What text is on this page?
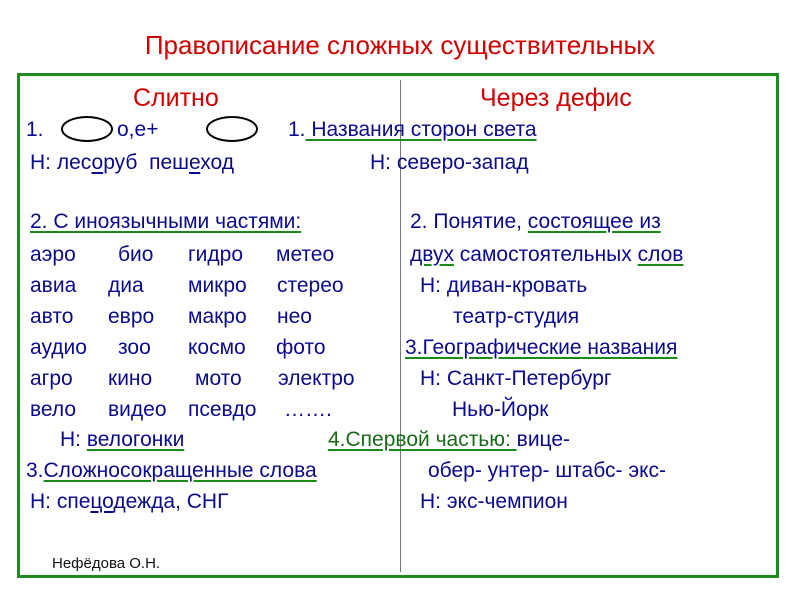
Правописание сложных существительных
Слитно
1.	о,е+
Н: лесоруб пешеход
2. С иноязычными частями:
аэро био гидро метео
авиа диа микро стерео
авто евро макро нео
аудио зоо космо фото
агро кино мото электро
вело видео псевдо …….
Н: велогонки
3.Сложносокращенные слова
Н: спецодежда, СНГ
Нефёдова О.Н.
Через дефис
1. Названия сторон света
Н: северо-запад
2. Понятие, состоящее из
двух самостоятельных слов
Н: диван-кровать
театр-студия
3.Географические названия
Н: Санкт-Петербург
Нью-Йорк
4.Спервой частью: вице-
обер- унтер- штабс- экс-
Н: экс-чемпион
